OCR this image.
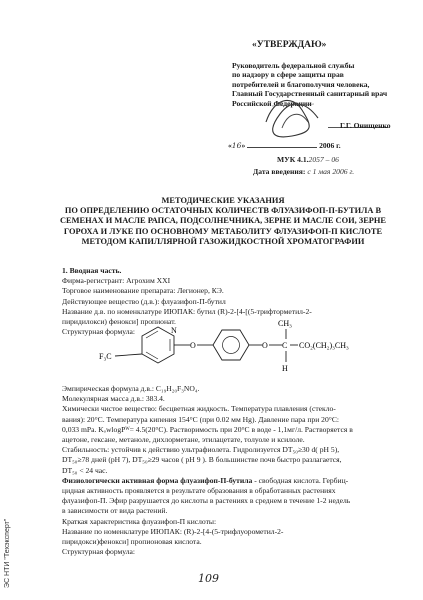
«УТВЕРЖДАЮ»
Руководитель федеральной службы
по надзору в сфере защиты прав
потребителей и благополучия человека,
Главный Государственный санитарный врач
Российской Федерации
Г.Г. Онищенко
«16»	2006 г.
МУК 4.1.2057 – 06
Дата введения: с 1 мая 2006 г.
МЕТОДИЧЕСКИЕ УКАЗАНИЯ
ПО ОПРЕДЕЛЕНИЮ ОСТАТОЧНЫХ КОЛИЧЕСТВ ФЛУАЗИФОП-П-БУТИЛА В
СЕМЕНАХ И МАСЛЕ РАПСА, ПОДСОЛНЕЧНИКА, ЗЕРНЕ И МАСЛЕ СОИ, ЗЕРНЕ
ГОРОХА И ЛУКЕ ПО ОСНОВНОМУ МЕТАБОЛИТУ ФЛУАЗИФОП-П КИСЛОТЕ
МЕТОДОМ КАПИЛЛЯРНОЙ ГАЗОЖИДКОСТНОЙ ХРОМАТОГРАФИИ

1. Вводная часть.

Фирма-регистрант: Агрохим XXI

Торговое наименование препарата: Легионер, КЭ.

Действующее вещество (д.в.): флуазифоп-П-бутил

Название д.в. по номенклатуре ИЮПАК: бутил (R)-2-[4-[(5-трифторметил-2-

пиридилокси) фенокси] пропионат.

Структурная формула:

F₃C
N
O	O
CH₃
C CO₂(CH₂)₃CH₃
H

Эмпирическая формула д.в.: C₁₉H₂₀F₃NO₄.

Молекулярная масса д.в.: 383.4.

Химически чистое вещество: бесцветная жидкость. Температура плавления (стекло-

вания): 20°C. Температура кипения 154°C (при 0.02 мм Hg). Давление пара при 20°C:

0,033 mPa. KₒwlogPᵂ= 4.5(20°C). Растворимость при 20°C в воде - 1,1мг/л. Растворяется в

ацетоне, гексане, метаноле, дихлорметане, этилацетате, толуоле и ксилоле.

Стабильность: устойчив к действию ультрафиолета. Гидролизуется DT₅₀≥30 d( pH 5),

DT₅₀≥78 дней (pH 7), DT₅₀≥29 часов ( pH 9 ). В большинстве почв быстро разлагается,

DT₅₀ < 24 час.

Физиологически активная форма флуазифоп-П-бутила - свободная кислота. Гербиц-

цидная активность проявляется в результате образования в обработанных растениях

флуазифоп-П. Эфир разрушается до кислоты в растениях в среднем в течение 1-2 недель

в зависимости от вида растений.

Краткая характеристика флуазифоп-П кислоты:

Название по номенклатуре ИЮПАК: (R)-2-[4-(5-трифлуорометил-2-

пиридокси)фенокси] пропионовая кислота.

Структурная формула:

ЭС НТИ "Техэксперт"	109
